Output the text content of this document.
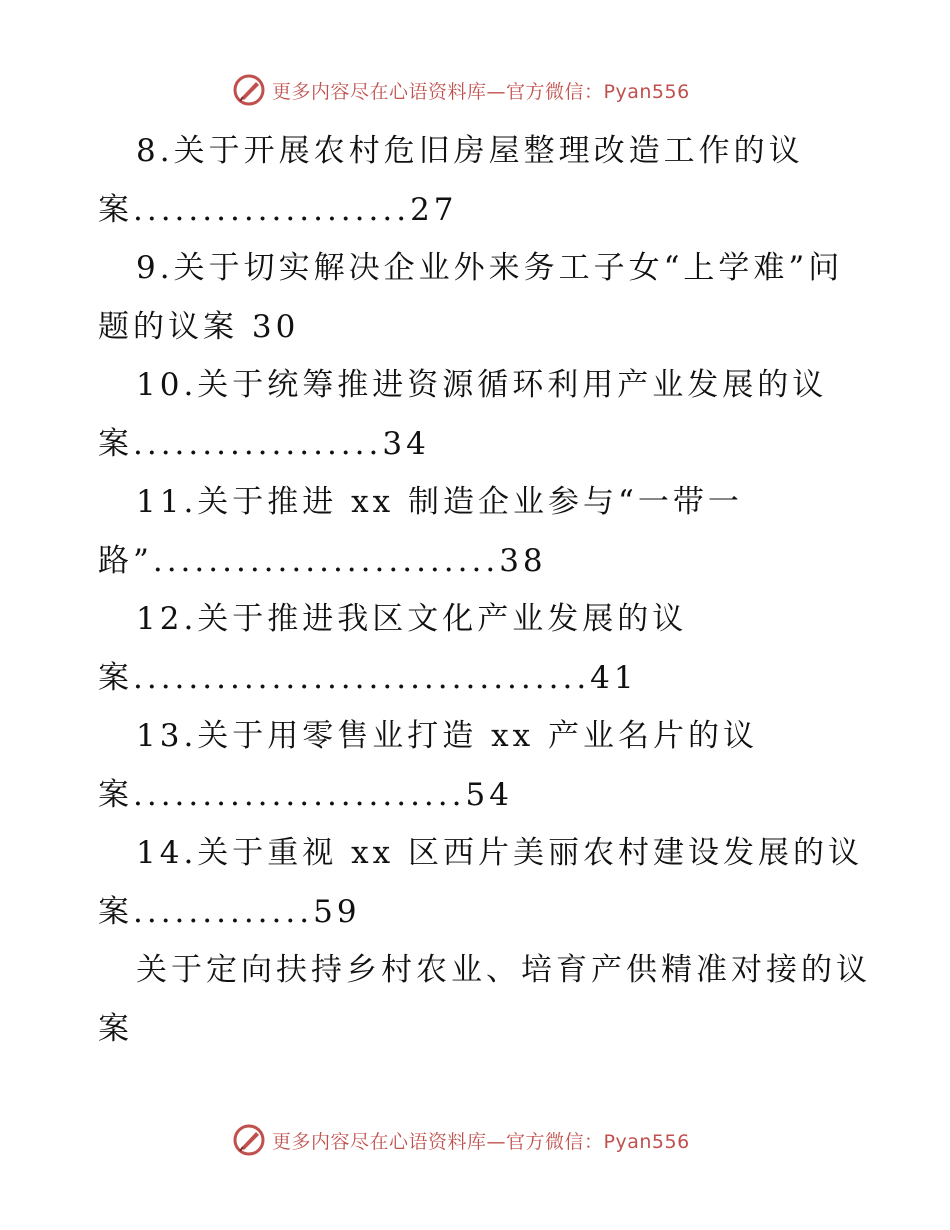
更多内容尽在心语资料库—官方微信：Pyan556
8.关于开展农村危旧房屋整理改造工作的议
案....................27
9.关于切实解决企业外来务工子女“上学难”问
题的议案 30
10.关于统筹推进资源循环利用产业发展的议
案..................34
11.关于推进 xx 制造企业参与“一带一
路”.........................38
12.关于推进我区文化产业发展的议
案.................................41
13.关于用零售业打造 xx 产业名片的议
案........................54
14.关于重视 xx 区西片美丽农村建设发展的议
案.............59
关于定向扶持乡村农业、培育产供精准对接的议
案
更多内容尽在心语资料库—官方微信：Pyan556
